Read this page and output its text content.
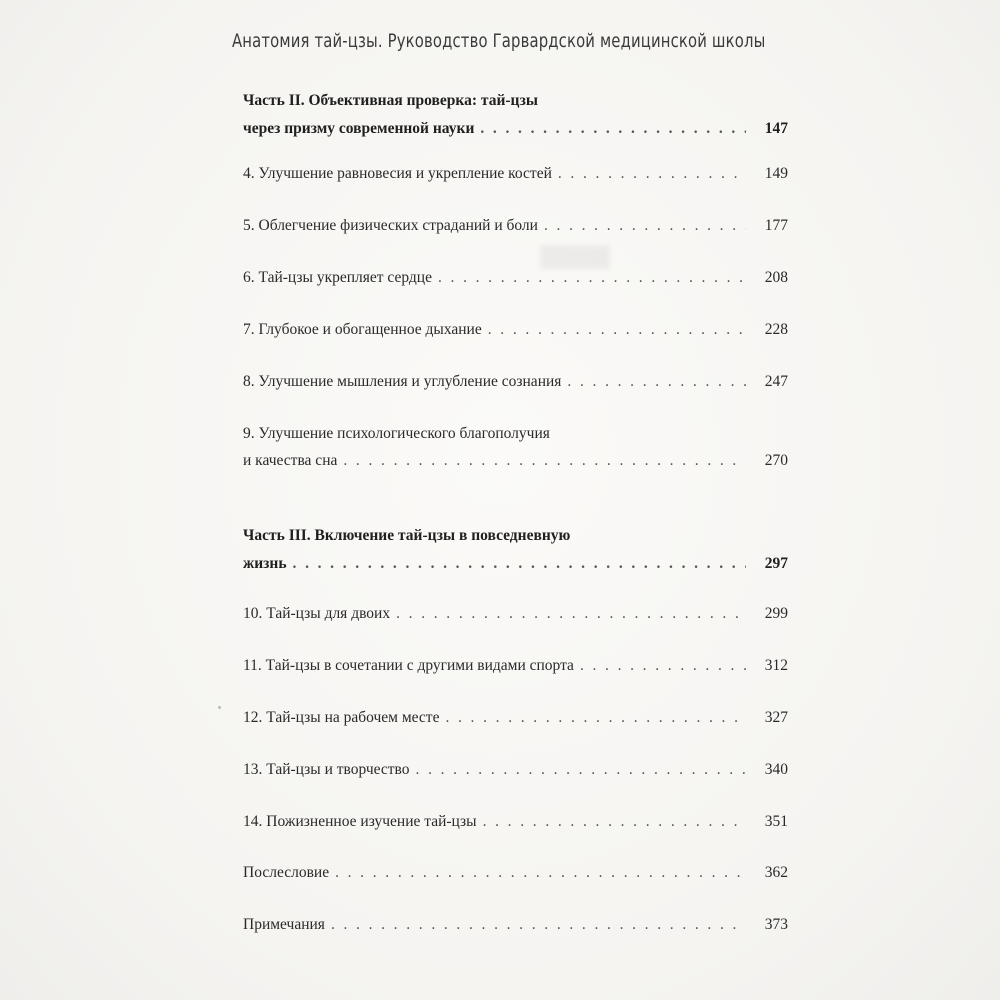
Анатомия тай-цзы. Руководство Гарвардской медицинской школы
Часть II. Объективная проверка: тай-цзы
через призму современной науки . . .	147
4. Улучшение равновесия и укрепление костей . . .	149
5. Облегчение физических страданий и боли . . .	177
6. Тай-цзы укрепляет сердце . . .	208
7. Глубокое и обогащенное дыхание . . .	228
8. Улучшение мышления и углубление сознания . . .	247
9. Улучшение психологического благополучия
и качества сна . . .	270
Часть III. Включение тай-цзы в повседневную
жизнь . . .	297
10. Тай-цзы для двоих . . .	299
11. Тай-цзы в сочетании с другими видами спорта . . .	312
12. Тай-цзы на рабочем месте . . .	327
13. Тай-цзы и творчество . . .	340
14. Пожизненное изучение тай-цзы . . .	351
Послесловие . . .	362
Примечания . . .	373
